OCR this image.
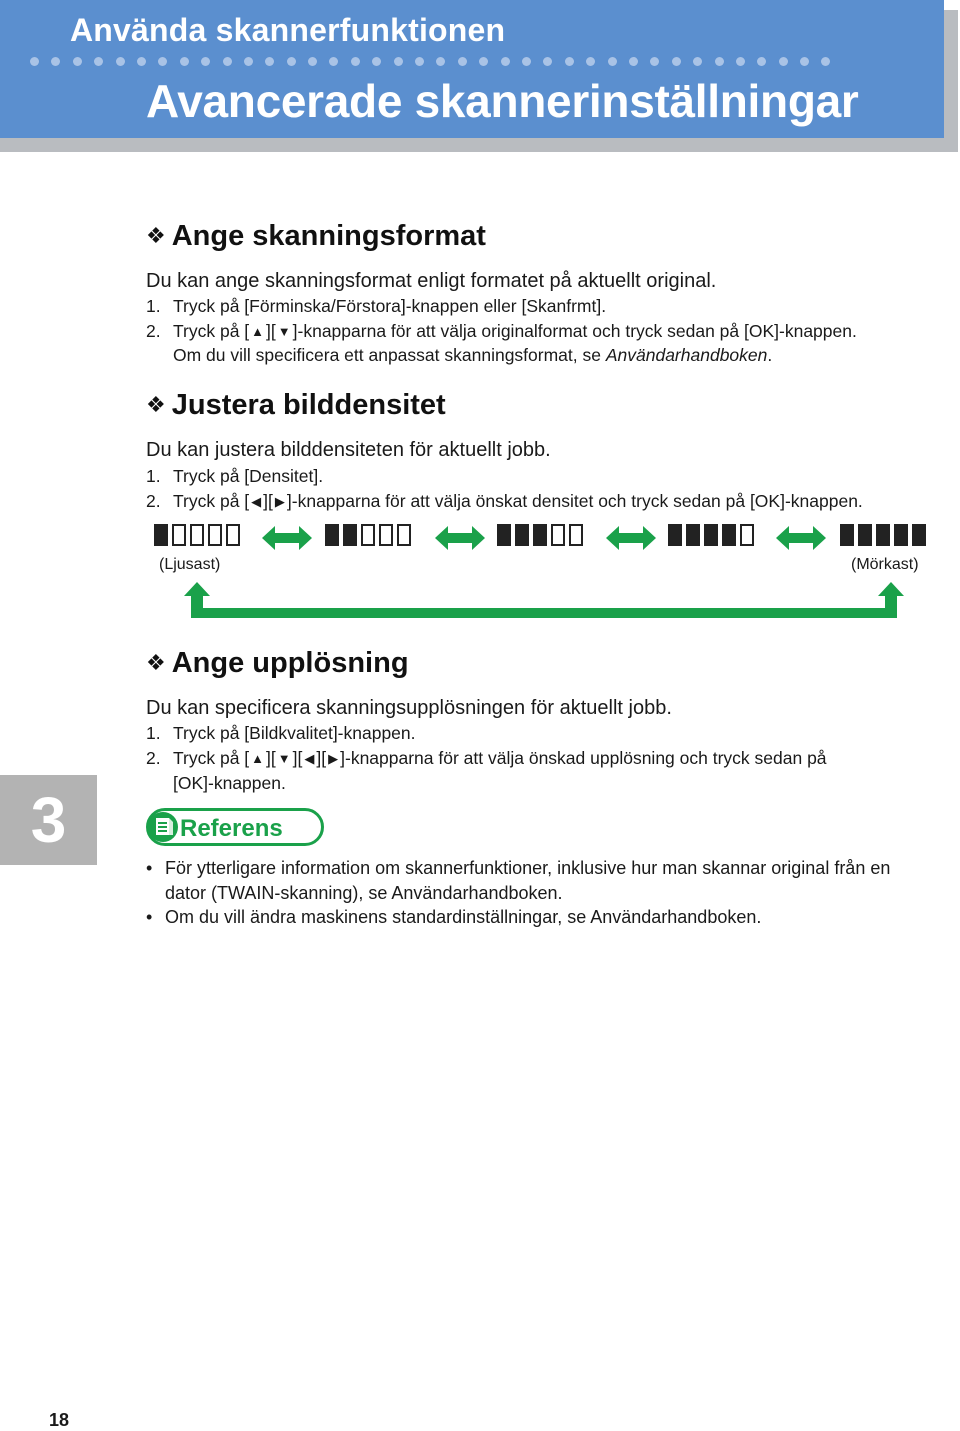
Använda skannerfunktionen
Avancerade skannerinställningar
❖ Ange skanningsformat

Du kan ange skanningsformat enligt formatet på aktuellt original.

1. Tryck på [Förminska/Förstora]-knappen eller [Skanfrmt].
2. Tryck på [ ▲ ][ ▼ ]-knapparna för att välja originalformat och tryck sedan på [OK]-knappen.
Om du vill specificera ett anpassat skanningsformat, se Användarhandboken.
❖ Justera bilddensitet

Du kan justera bilddensiteten för aktuellt jobb.

1. Tryck på [Densitet].
2. Tryck på [ ◀ ][ ▶ ]-knapparna för att välja önskat densitet och tryck sedan på [OK]-knappen.
(Ljusast)	(Mörkast)
❖ Ange upplösning

Du kan specificera skanningsupplösningen för aktuellt jobb.

1. Tryck på [Bildkvalitet]-knappen.
2. Tryck på [ ▲ ][ ▼ ][ ◀ ][ ▶ ]-knapparna för att välja önskad upplösning och tryck sedan på
[OK]-knappen.
3	Referens
• För ytterligare information om skannerfunktioner, inklusive hur man skannar original från en
dator (TWAIN-skanning), se Användarhandboken.
• Om du vill ändra maskinens standardinställningar, se Användarhandboken.
18
